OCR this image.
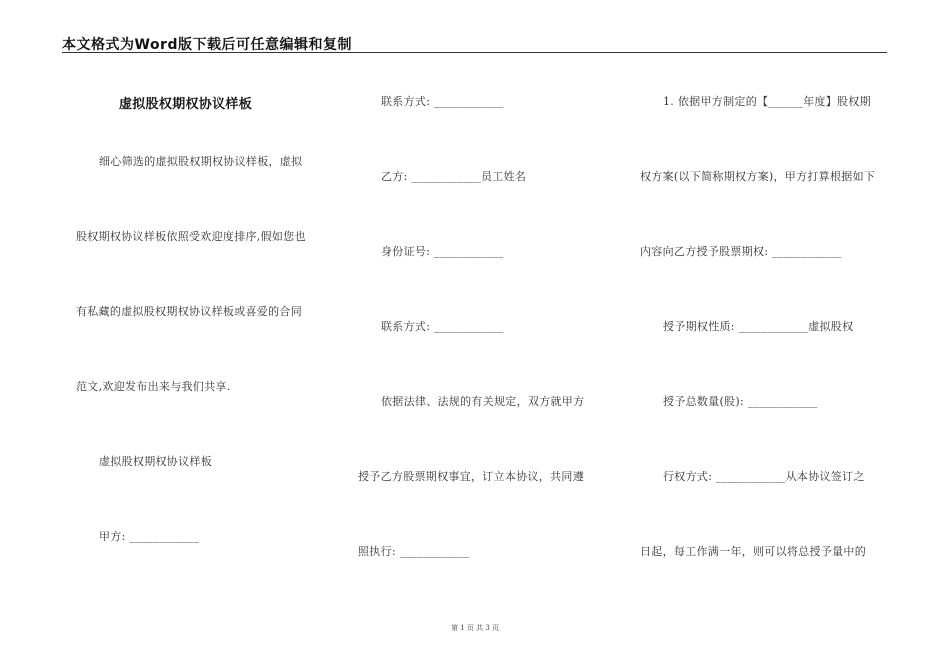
本文格式为Word版下载后可任意编辑和复制
虚拟股权期权协议样板
细心筛选的虚拟股权期权协议样板，虚拟
股权期权协议样板依照受欢迎度排序,假如您也
有私藏的虚拟股权期权协议样板或喜爱的合同
范文,欢迎发布出来与我们共享.
虚拟股权期权协议样板
甲方: ____________
联系方式: ____________
乙方: ____________员工姓名
身份证号: ____________
联系方式: ____________
依据法律、法规的有关规定，双方就甲方
授予乙方股票期权事宜，订立本协议，共同遵
照执行: ____________
1. 依据甲方制定的【______年度】股权期
权方案(以下简称期权方案)，甲方打算根据如下
内容向乙方授予股票期权: ____________
授予期权性质: ____________虚拟股权
授予总数量(股): ____________
行权方式: ____________从本协议签订之
日起，每工作满一年，则可以将总授予量中的
第 1 页 共 3 页
